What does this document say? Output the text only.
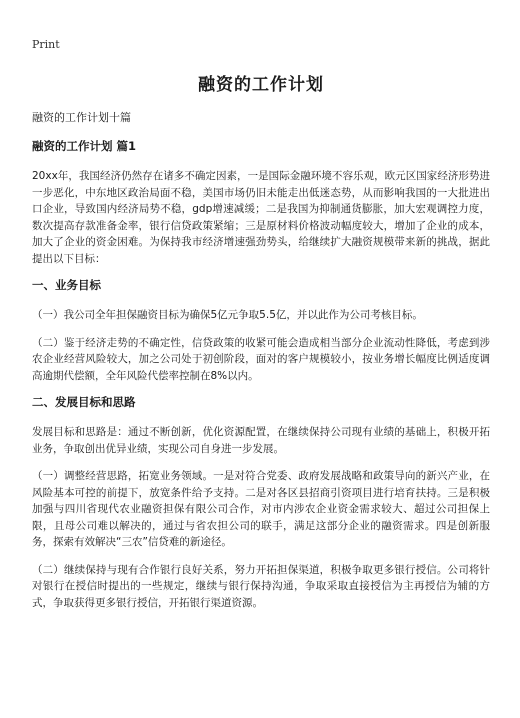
Print
融资的工作计划
融资的工作计划十篇
融资的工作计划 篇1

20xx年，我国经济仍然存在诸多不确定因素，一是国际金融环境不容乐观，欧元区国家经济形势进一步恶化，中东地区政治局面不稳，美国市场仍旧未能走出低迷态势，从而影响我国的一大批进出口企业，导致国内经济局势不稳，gdp增速减缓；二是我国为抑制通货膨胀，加大宏观调控力度，数次提高存款准备金率，银行信贷政策紧缩；三是原材料价格波动幅度较大，增加了企业的成本，加大了企业的资金困难。为保持我市经济增速强劲势头，给继续扩大融资规模带来新的挑战，据此提出以下目标：

一、业务目标

（一）我公司全年担保融资目标为确保5亿元争取5.5亿，并以此作为公司考核目标。

（二）鉴于经济走势的不确定性，信贷政策的收紧可能会造成相当部分企业流动性降低，考虑到涉农企业经营风险较大，加之公司处于初创阶段，面对的客户规模较小，按业务增长幅度比例适度调高逾期代偿额，全年风险代偿率控制在8%以内。

二、发展目标和思路

发展目标和思路是：通过不断创新，优化资源配置，在继续保持公司现有业绩的基础上，积极开拓业务，争取创出优异业绩，实现公司自身进一步发展。

（一）调整经营思路，拓宽业务领域。一是对符合党委、政府发展战略和政策导向的新兴产业，在风险基本可控的前提下，放宽条件给予支持。二是对各区县招商引资项目进行培育扶持。三是积极加强与四川省现代农业融资担保有限公司合作，对市内涉农企业资金需求较大、超过公司担保上限，且母公司难以解决的，通过与省农担公司的联手，满足这部分企业的融资需求。四是创新服务，探索有效解决“三农”信贷难的新途径。

（二）继续保持与现有合作银行良好关系，努力开拓担保渠道，积极争取更多银行授信。公司将针对银行在授信时提出的一些规定，继续与银行保持沟通，争取采取直接授信为主再授信为辅的方式，争取获得更多银行授信，开拓银行渠道资源。
